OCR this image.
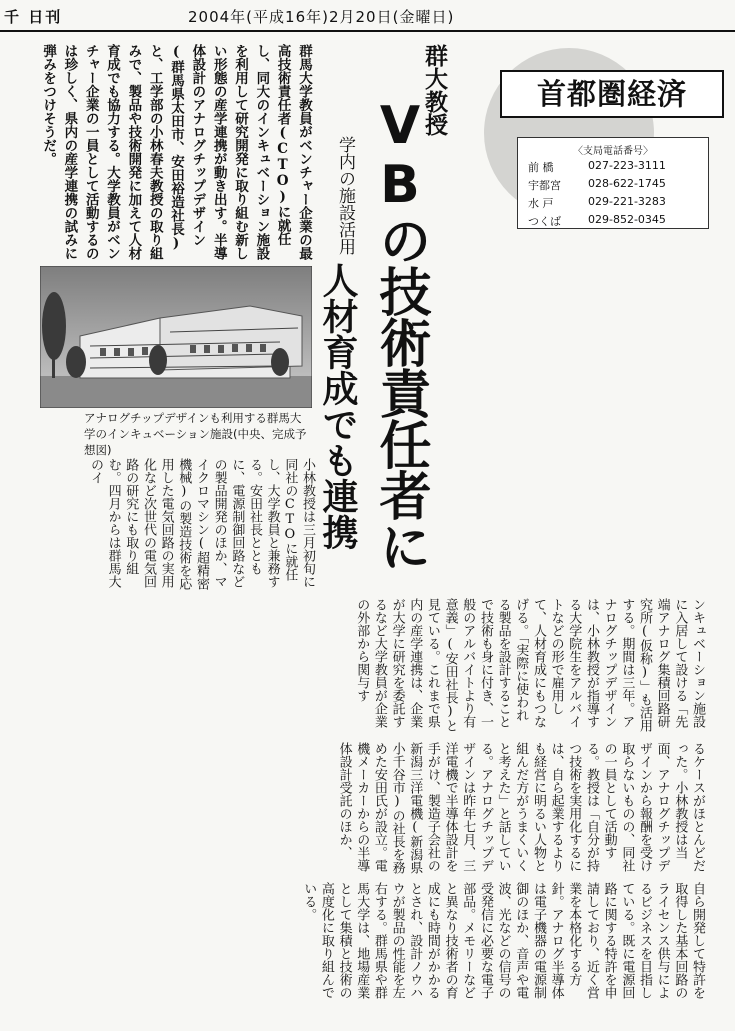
千 日刊	2004年(平成16年)2月20日(金曜日)
首都圏経済
〈支局電話番号〉
前 橋	027-223-3111
宇都宮	028-622-1745
水 戸	029-221-3283
つくば	029-852-0345
群大教授
VBの技術責任者に
学内の施設活用
人材育成でも連携
群馬大学教員がベンチャー企業の最高技術責任者(CTO)に就任し、同大のインキュベーション施設を利用して研究開発に取り組む新しい形態の産学連携が動き出す。半導体設計のアナログチップデザイン(群馬県太田市、安田裕造社長)と、工学部の小林春夫教授の取り組みで、製品や技術開発に加えて人材育成でも協力する。大学教員がベンチャー企業の一員として活動するのは珍しく、県内の産学連携の試みに弾みをつけそうだ。
アナログチップデザインも利用する群馬大学のインキュベーション施設(中央、完成予想図)
小林教授は三月初旬に同社のCTOに就任し、大学教員と兼務する。安田社長とともに、電源制御回路などの製品開発のほか、マイクロマシン(超精密機械)の製造技術を応用した電気回路の実用化など次世代の電気回路の研究にも取り組む。四月からは群馬大のイ
ンキュベーション施設に入居して設ける「先端アナログ集積回路研究所(仮称)」も活用する。期間は三年。アナログチップデザインは、小林教授が指導する大学院生をアルバイトなどの形で雇用して、人材育成にもつなげる。「実際に使われる製品を設計することで技術も身に付き、一般のアルバイトより有意義」(安田社長)と見ている。これまで県内の産学連携は、企業が大学に研究を委託するなど大学教員が企業の外部から関与す
るケースがほとんどだった。小林教授は当面、アナログチップデザインから報酬を受け取らないものの、同社の一員として活動する。教授は「自分が持つ技術を実用化するには、自ら起業するよりも経営に明るい人物と組んだ方がうまくいくと考えた」と話している。アナログチップデザインは昨年七月、三洋電機で半導体設計を手がけ、製造子会社の新潟三洋電機(新潟県小千谷市)の社長を務めた安田氏が設立。電機メーカーからの半導体設計受託のほか、
自ら開発して特許を取得した基本回路のライセンス供与によるビジネスを目指している。既に電源回路に関する特許を申請しており、近く営業を本格化する方針。アナログ半導体は電子機器の電源制御のほか、音声や電波、光などの信号の受発信に必要な電子部品。メモリーなどと異なり技術者の育成にも時間がかかるとされ、設計ノウハウが製品の性能を左右する。群馬県や群馬大学は、地場産業として集積と技術の高度化に取り組んでいる。
